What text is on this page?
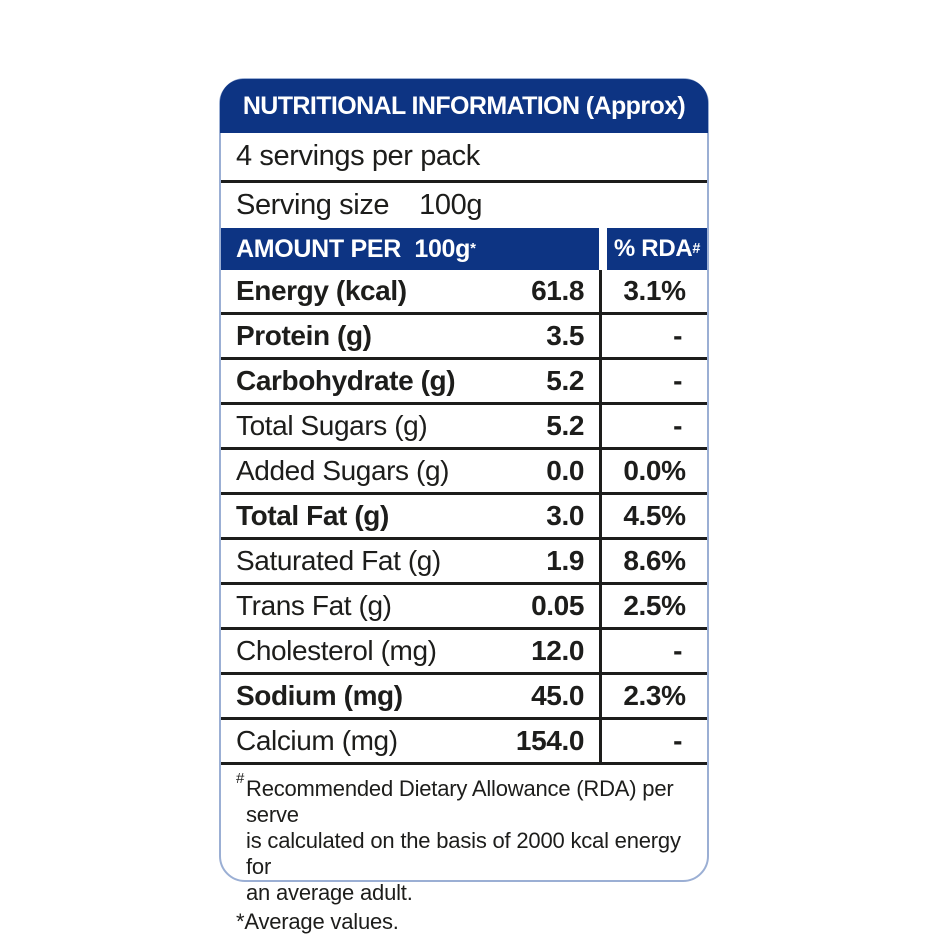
NUTRITIONAL INFORMATION (Approx)
4 servings per pack
Serving size 100g
AMOUNT PER  100g *	% RDA #
Energy (kcal)	61.8	3.1%
Protein (g)	3.5	-
Carbohydrate (g)	5.2	-
Total Sugars (g)	5.2	-
Added Sugars (g)	0.0	0.0%
Total Fat (g)	3.0	4.5%
Saturated Fat (g)	1.9	8.6%
Trans Fat (g)	0.05	2.5%
Cholesterol (mg)	12.0	-
Sodium (mg)	45.0	2.3%
Calcium (mg)	154.0	-
# Recommended Dietary Allowance (RDA) per serve
is calculated on the basis of 2000 kcal energy for
an average adult.
*Average values.
